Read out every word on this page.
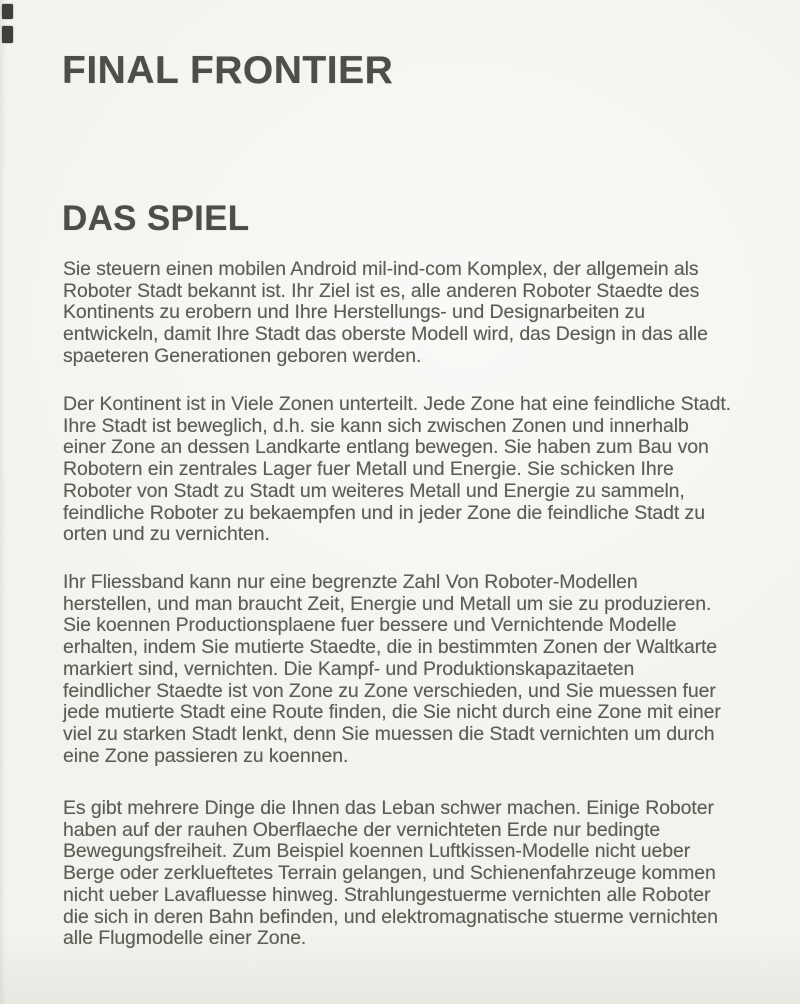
FINAL FRONTIER
DAS SPIEL
Sie steuern einen mobilen Android mil-ind-com Komplex, der allgemein als
Roboter Stadt bekannt ist. Ihr Ziel ist es, alle anderen Roboter Staedte des
Kontinents zu erobern und Ihre Herstellungs- und Designarbeiten zu
entwickeln, damit Ihre Stadt das oberste Modell wird, das Design in das alle
spaeteren Generationen geboren werden.
Der Kontinent ist in Viele Zonen unterteilt. Jede Zone hat eine feindliche Stadt.
Ihre Stadt ist beweglich, d.h. sie kann sich zwischen Zonen und innerhalb
einer Zone an dessen Landkarte entlang bewegen. Sie haben zum Bau von
Robotern ein zentrales Lager fuer Metall und Energie. Sie schicken Ihre
Roboter von Stadt zu Stadt um weiteres Metall und Energie zu sammeln,
feindliche Roboter zu bekaempfen und in jeder Zone die feindliche Stadt zu
orten und zu vernichten.
Ihr Fliessband kann nur eine begrenzte Zahl Von Roboter-Modellen
herstellen, und man braucht Zeit, Energie und Metall um sie zu produzieren.
Sie koennen Productionsplaene fuer bessere und Vernichtende Modelle
erhalten, indem Sie mutierte Staedte, die in bestimmten Zonen der Waltkarte
markiert sind, vernichten. Die Kampf- und Produktionskapazitaeten
feindlicher Staedte ist von Zone zu Zone verschieden, und Sie muessen fuer
jede mutierte Stadt eine Route finden, die Sie nicht durch eine Zone mit einer
viel zu starken Stadt lenkt, denn Sie muessen die Stadt vernichten um durch
eine Zone passieren zu koennen.
Es gibt mehrere Dinge die Ihnen das Leban schwer machen. Einige Roboter
haben auf der rauhen Oberflaeche der vernichteten Erde nur bedingte
Bewegungsfreiheit. Zum Beispiel koennen Luftkissen-Modelle nicht ueber
Berge oder zerklueftetes Terrain gelangen, und Schienenfahrzeuge kommen
nicht ueber Lavafluesse hinweg. Strahlungestuerme vernichten alle Roboter
die sich in deren Bahn befinden, und elektromagnatische stuerme vernichten
alle Flugmodelle einer Zone.
